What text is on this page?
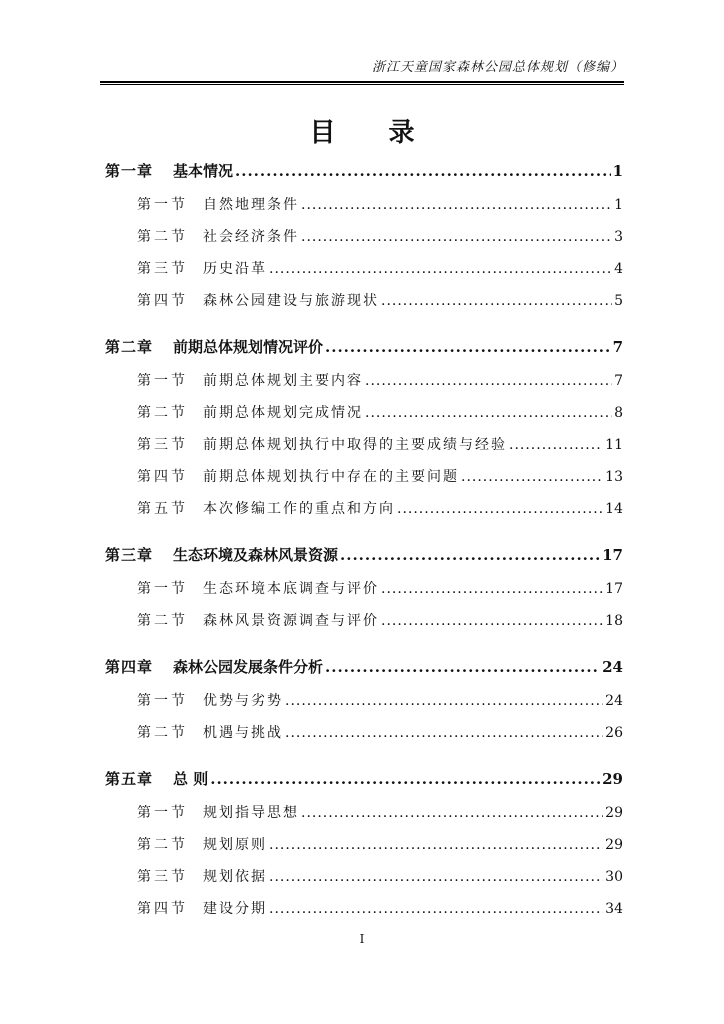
浙江天童国家森林公园总体规划（修编）
目 录
第一章	基本情况 .....	1
第一节	自然地理条件 .....	1
第二节	社会经济条件 .....	3
第三节	历史沿革 .....	4
第四节	森林公园建设与旅游现状 .....	5
第二章	前期总体规划情况评价 .....	7
第一节	前期总体规划主要内容 .....	7
第二节	前期总体规划完成情况 .....	8
第三节	前期总体规划执行中取得的主要成绩与经验 .....	11
第四节	前期总体规划执行中存在的主要问题 .....	13
第五节	本次修编工作的重点和方向 .....	14
第三章	生态环境及森林风景资源 .....	17
第一节	生态环境本底调查与评价 .....	17
第二节	森林风景资源调查与评价 .....	18
第四章	森林公园发展条件分析 .....	24
第一节	优势与劣势 .....	24
第二节	机遇与挑战 .....	26
第五章	总 则 .....	29
第一节	规划指导思想 .....	29
第二节	规划原则 .....	29
第三节	规划依据 .....	30
第四节	建设分期 .....	34
I
